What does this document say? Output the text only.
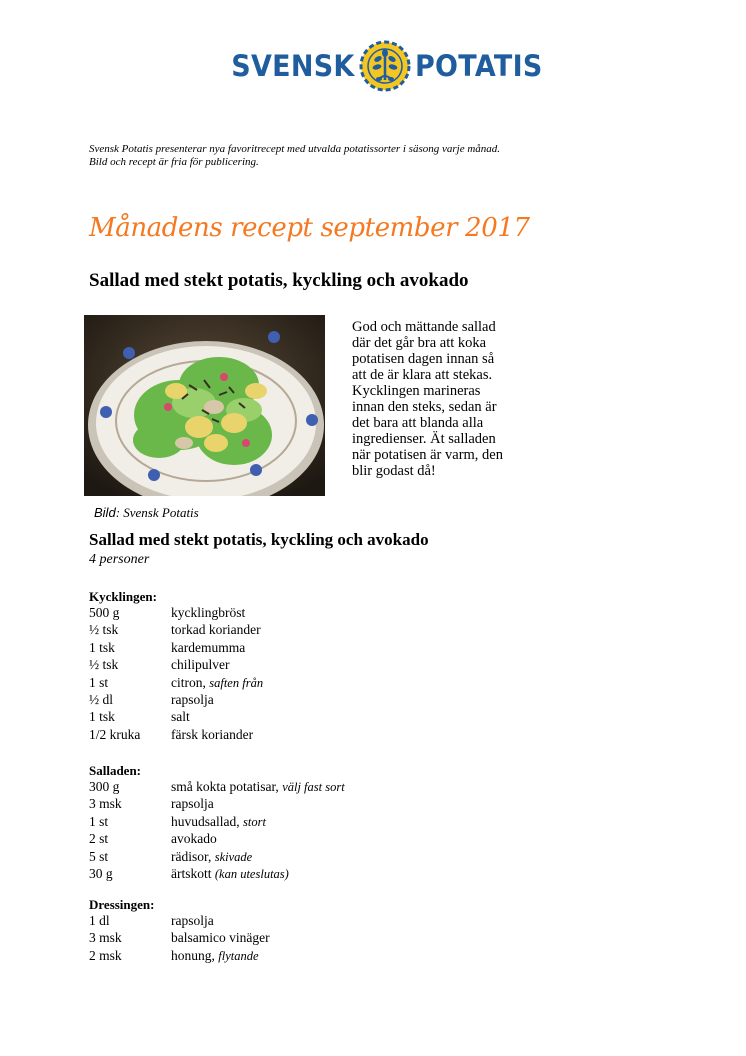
SVENSK POTATIS
Svensk Potatis presenterar nya favoritrecept med utvalda potatissorter i säsong varje månad.
Bild och recept är fria för publicering.
Månadens recept september 2017
Sallad med stekt potatis, kyckling och avokado
God och mättande sallad
där det går bra att koka
potatisen dagen innan så
att de är klara att stekas.
Kycklingen marineras
innan den steks, sedan är
det bara att blanda alla
ingredienser. Ät salladen
när potatisen är varm, den
blir godast då!
Bild: Svensk Potatis
Sallad med stekt potatis, kyckling och avokado
4 personer
Kycklingen:
500 g	kycklingbröst
½ tsk	torkad koriander
1 tsk	kardemumma
½ tsk	chilipulver
1 st	citron, saften från
½ dl	rapsolja
1 tsk	salt
1/2 kruka	färsk koriander
Salladen:
300 g	små kokta potatisar, välj fast sort
3 msk	rapsolja
1 st	huvudsallad, stort
2 st	avokado
5 st	rädisor, skivade
30 g	ärtskott (kan uteslutas)
Dressingen:
1 dl	rapsolja
3 msk	balsamico vinäger
2 msk	honung, flytande
